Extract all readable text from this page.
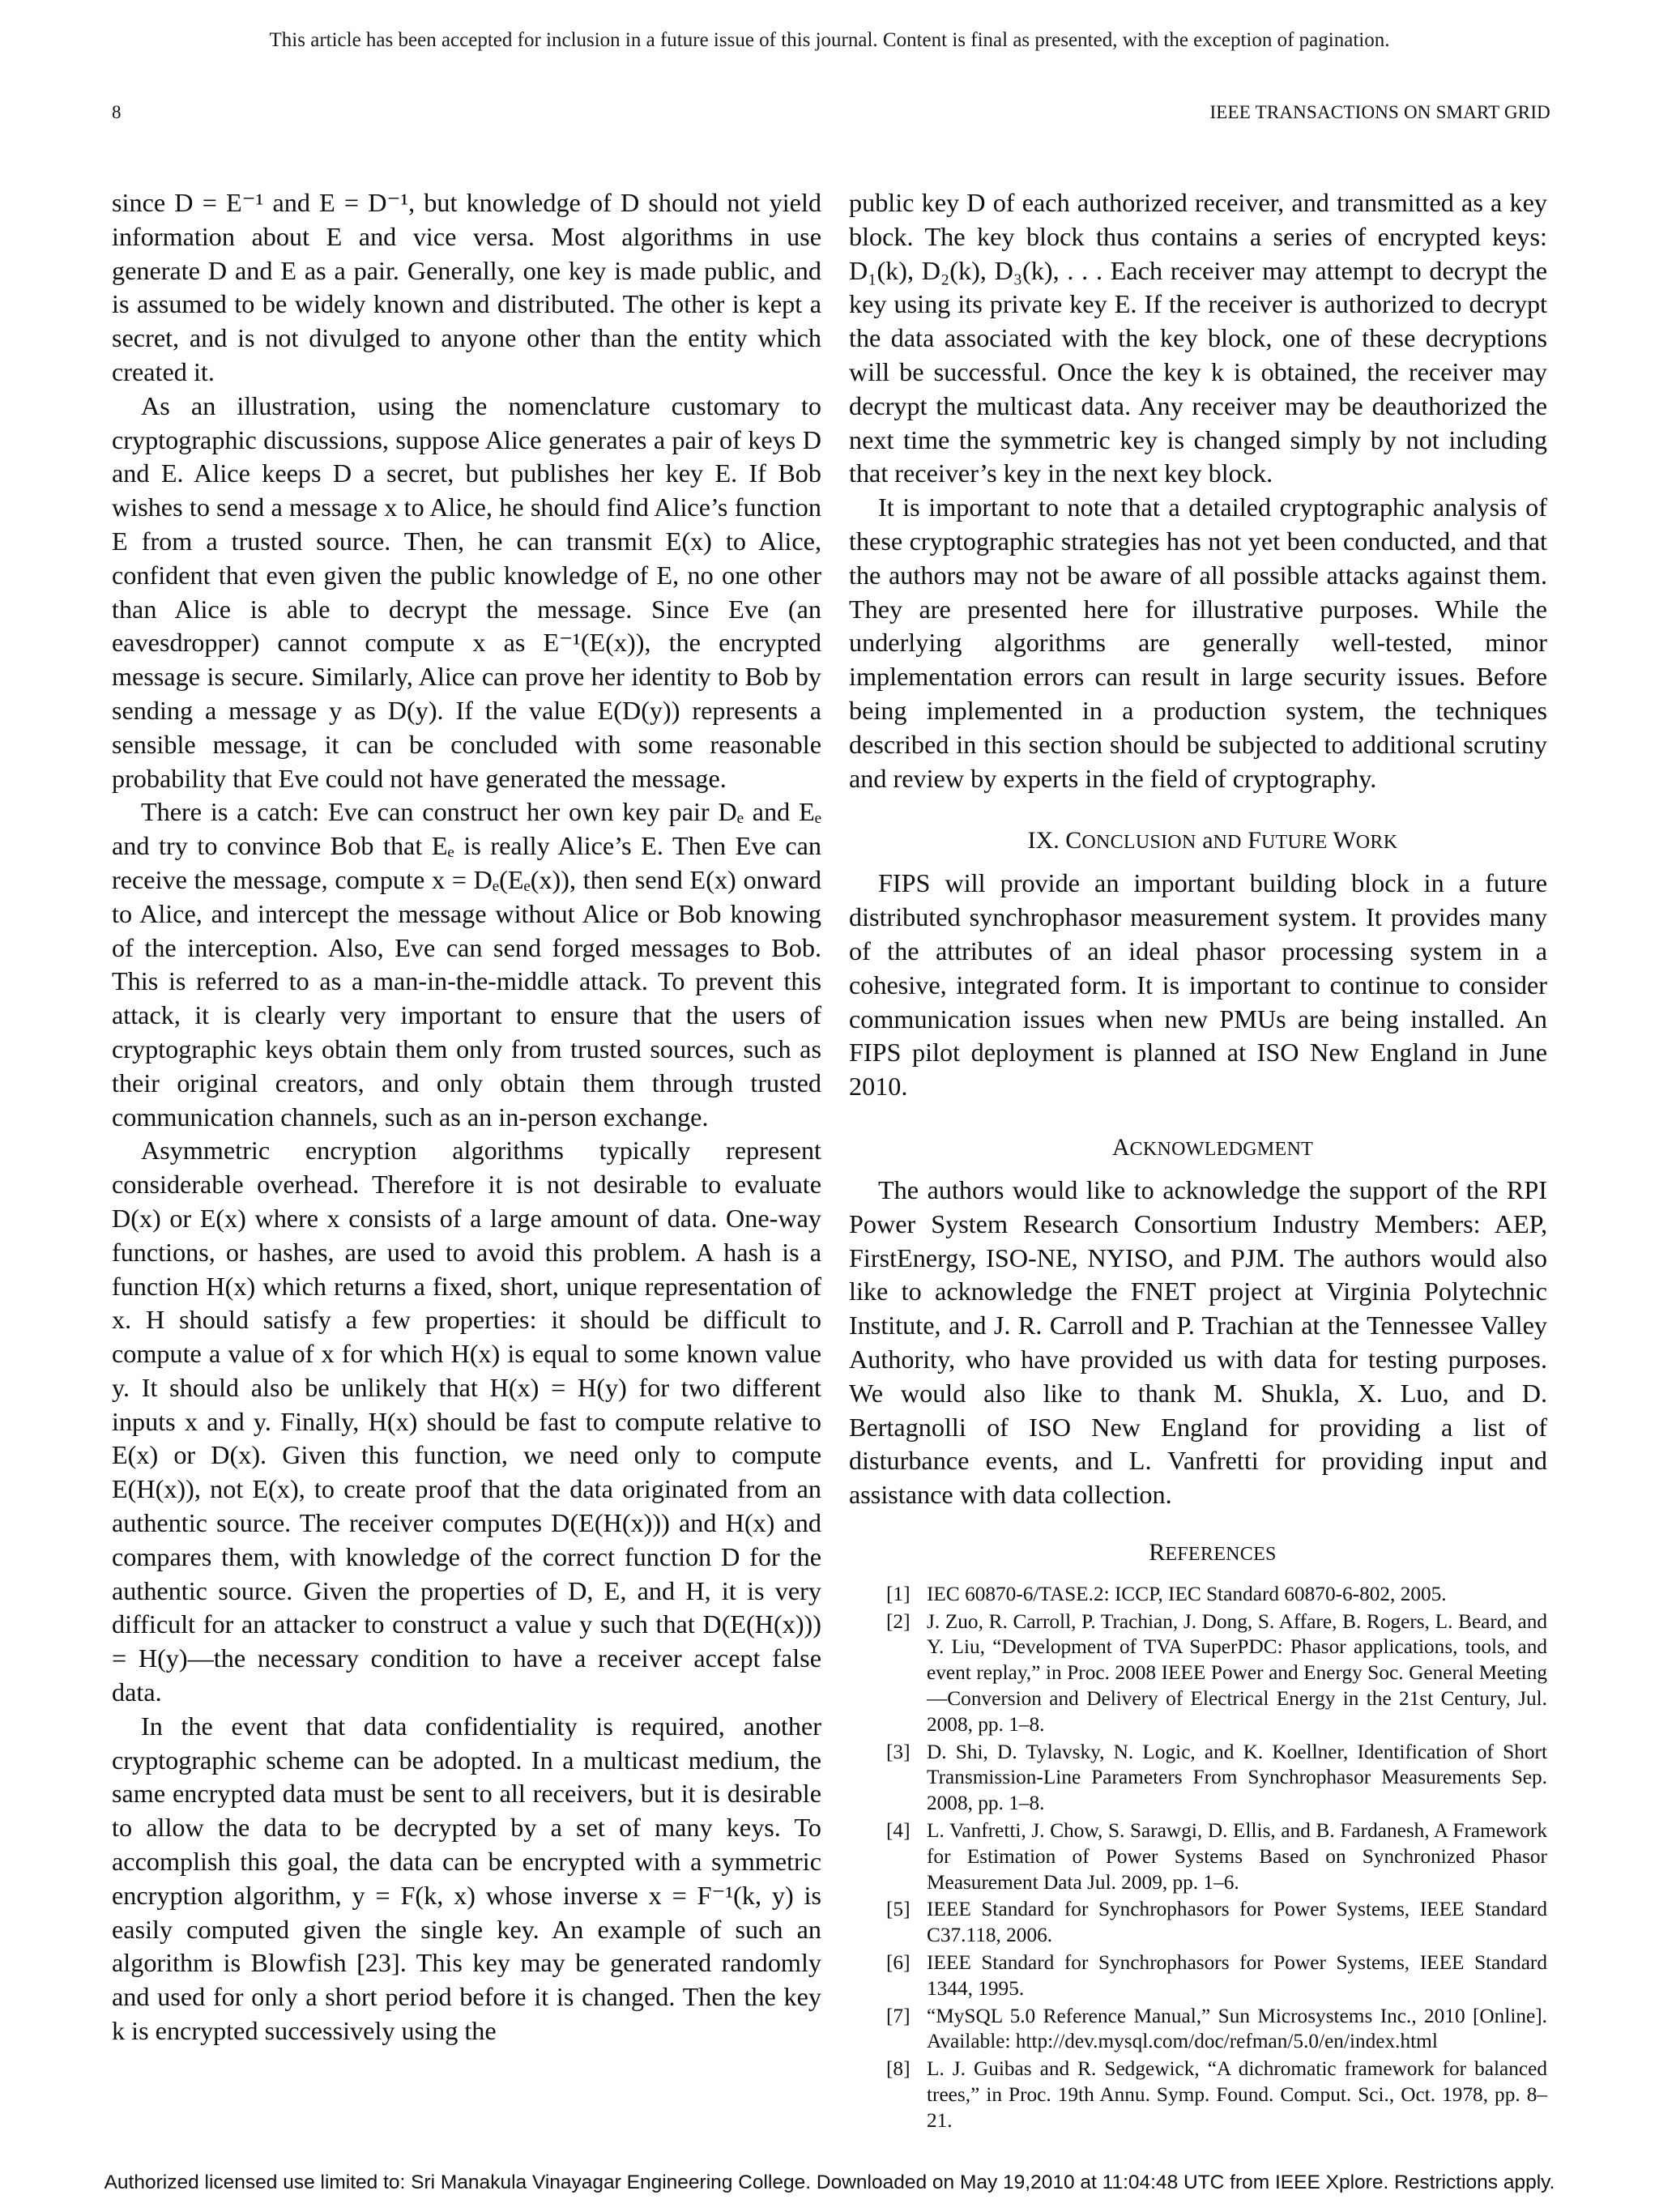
This article has been accepted for inclusion in a future issue of this journal. Content is final as presented, with the exception of pagination.
8	IEEE TRANSACTIONS ON SMART GRID

since D = E⁻¹ and E = D⁻¹, but knowledge of D should not yield information about E and vice versa. Most algorithms in use generate D and E as a pair. Generally, one key is made public, and is assumed to be widely known and distributed. The other is kept a secret, and is not divulged to anyone other than the entity which created it.

As an illustration, using the nomenclature customary to cryptographic discussions, suppose Alice generates a pair of keys D and E. Alice keeps D a secret, but publishes her key E. If Bob wishes to send a message x to Alice, he should find Alice’s function E from a trusted source. Then, he can transmit E(x) to Alice, confident that even given the public knowledge of E, no one other than Alice is able to decrypt the message. Since Eve (an eavesdropper) cannot compute x as E⁻¹(E(x)), the encrypted message is secure. Similarly, Alice can prove her identity to Bob by sending a message y as D(y). If the value E(D(y)) represents a sensible message, it can be concluded with some reasonable probability that Eve could not have generated the message.

There is a catch: Eve can construct her own key pair Dₑ and Eₑ and try to convince Bob that Eₑ is really Alice’s E. Then Eve can receive the message, compute x = Dₑ(Eₑ(x)), then send E(x) onward to Alice, and intercept the message without Alice or Bob knowing of the interception. Also, Eve can send forged messages to Bob. This is referred to as a man-in-the-middle attack. To prevent this attack, it is clearly very important to ensure that the users of cryptographic keys obtain them only from trusted sources, such as their original creators, and only obtain them through trusted communication channels, such as an in-person exchange.

Asymmetric encryption algorithms typically represent considerable overhead. Therefore it is not desirable to evaluate D(x) or E(x) where x consists of a large amount of data. One-way functions, or hashes, are used to avoid this problem. A hash is a function H(x) which returns a fixed, short, unique representation of x. H should satisfy a few properties: it should be difficult to compute a value of x for which H(x) is equal to some known value y. It should also be unlikely that H(x) = H(y) for two different inputs x and y. Finally, H(x) should be fast to compute relative to E(x) or D(x). Given this function, we need only to compute E(H(x)), not E(x), to create proof that the data originated from an authentic source. The receiver computes D(E(H(x))) and H(x) and compares them, with knowledge of the correct function D for the authentic source. Given the properties of D, E, and H, it is very difficult for an attacker to construct a value y such that D(E(H(x))) = H(y)—the necessary condition to have a receiver accept false data.

In the event that data confidentiality is required, another cryptographic scheme can be adopted. In a multicast medium, the same encrypted data must be sent to all receivers, but it is desirable to allow the data to be decrypted by a set of many keys. To accomplish this goal, the data can be encrypted with a symmetric encryption algorithm, y = F(k, x) whose inverse x = F⁻¹(k, y) is easily computed given the single key. An example of such an algorithm is Blowfish [23]. This key may be generated randomly and used for only a short period before it is changed. Then the key k is encrypted successively using the

public key D of each authorized receiver, and transmitted as a key block. The key block thus contains a series of encrypted keys: D₁(k), D₂(k), D₃(k), . . . Each receiver may attempt to decrypt the key using its private key E. If the receiver is authorized to decrypt the data associated with the key block, one of these decryptions will be successful. Once the key k is obtained, the receiver may decrypt the multicast data. Any receiver may be deauthorized the next time the symmetric key is changed simply by not including that receiver’s key in the next key block.

It is important to note that a detailed cryptographic analysis of these cryptographic strategies has not yet been conducted, and that the authors may not be aware of all possible attacks against them. They are presented here for illustrative purposes. While the underlying algorithms are generally well-tested, minor implementation errors can result in large security issues. Before being implemented in a production system, the techniques described in this section should be subjected to additional scrutiny and review by experts in the field of cryptography.

IX. CONCLUSION aND FUTURE WORK

FIPS will provide an important building block in a future distributed synchrophasor measurement system. It provides many of the attributes of an ideal phasor processing system in a cohesive, integrated form. It is important to continue to consider communication issues when new PMUs are being installed. An FIPS pilot deployment is planned at ISO New England in June 2010.

ACKNOWLEDGMENT

The authors would like to acknowledge the support of the RPI Power System Research Consortium Industry Members: AEP, FirstEnergy, ISO-NE, NYISO, and PJM. The authors would also like to acknowledge the FNET project at Virginia Polytechnic Institute, and J. R. Carroll and P. Trachian at the Tennessee Valley Authority, who have provided us with data for testing purposes. We would also like to thank M. Shukla, X. Luo, and D. Bertagnolli of ISO New England for providing a list of disturbance events, and L. Vanfretti for providing input and assistance with data collection.

REFERENCES

[1] IEC 60870-6/TASE.2: ICCP, IEC Standard 60870-6-802, 2005.
[2] J. Zuo, R. Carroll, P. Trachian, J. Dong, S. Affare, B. Rogers, L. Beard, and Y. Liu, “Development of TVA SuperPDC: Phasor applications, tools, and event replay,” in Proc. 2008 IEEE Power and Energy Soc. General Meeting—Conversion and Delivery of Electrical Energy in the 21st Century, Jul. 2008, pp. 1–8.
[3] D. Shi, D. Tylavsky, N. Logic, and K. Koellner, Identification of Short Transmission-Line Parameters From Synchrophasor Measurements Sep. 2008, pp. 1–8.
[4] L. Vanfretti, J. Chow, S. Sarawgi, D. Ellis, and B. Fardanesh, A Framework for Estimation of Power Systems Based on Synchronized Phasor Measurement Data Jul. 2009, pp. 1–6.
[5] IEEE Standard for Synchrophasors for Power Systems, IEEE Standard C37.118, 2006.
[6] IEEE Standard for Synchrophasors for Power Systems, IEEE Standard 1344, 1995.
[7] “MySQL 5.0 Reference Manual,” Sun Microsystems Inc., 2010 [Online]. Available: http://dev.mysql.com/doc/refman/5.0/en/index.html
[8] L. J. Guibas and R. Sedgewick, “A dichromatic framework for balanced trees,” in Proc. 19th Annu. Symp. Found. Comput. Sci., Oct. 1978, pp. 8–21.
Authorized licensed use limited to: Sri Manakula Vinayagar Engineering College. Downloaded on May 19,2010 at 11:04:48 UTC from IEEE Xplore. Restrictions apply.
